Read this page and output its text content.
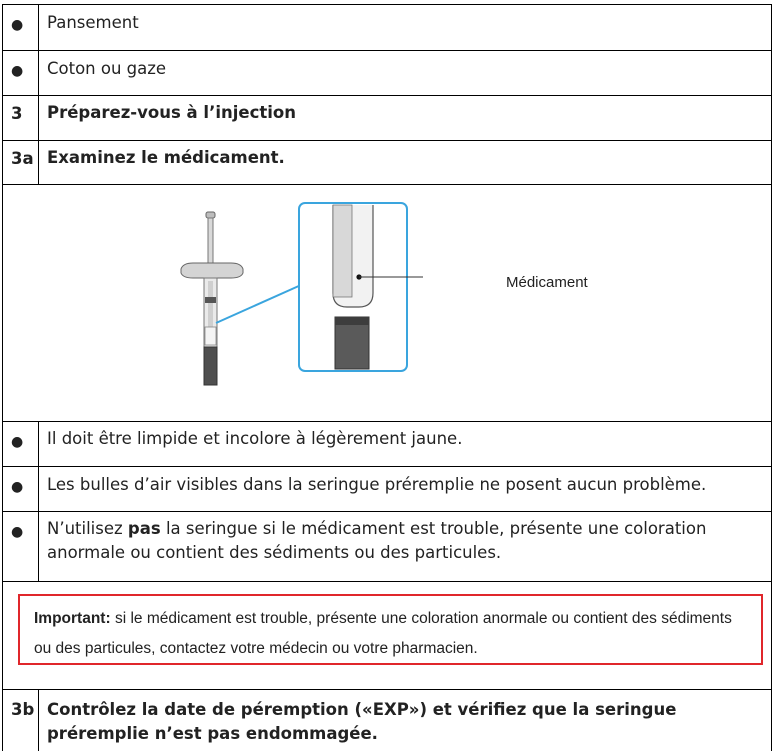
● Pansement
● Coton ou gaze
3 Préparez-vous à l’injection
3a Examinez le médicament.
Médicament
● Il doit être limpide et incolore à légèrement jaune.
● Les bulles d’air visibles dans la seringue préremplie ne posent aucun problème.
● N’utilisez pas la seringue si le médicament est trouble, présente une coloration anormale ou contient des sédiments ou des particules.
Important: si le médicament est trouble, présente une coloration anormale ou contient des sédiments ou des particules, contactez votre médecin ou votre pharmacien.
3b Contrôlez la date de péremption («EXP») et vérifiez que la seringue préremplie n’est pas endommagée.
